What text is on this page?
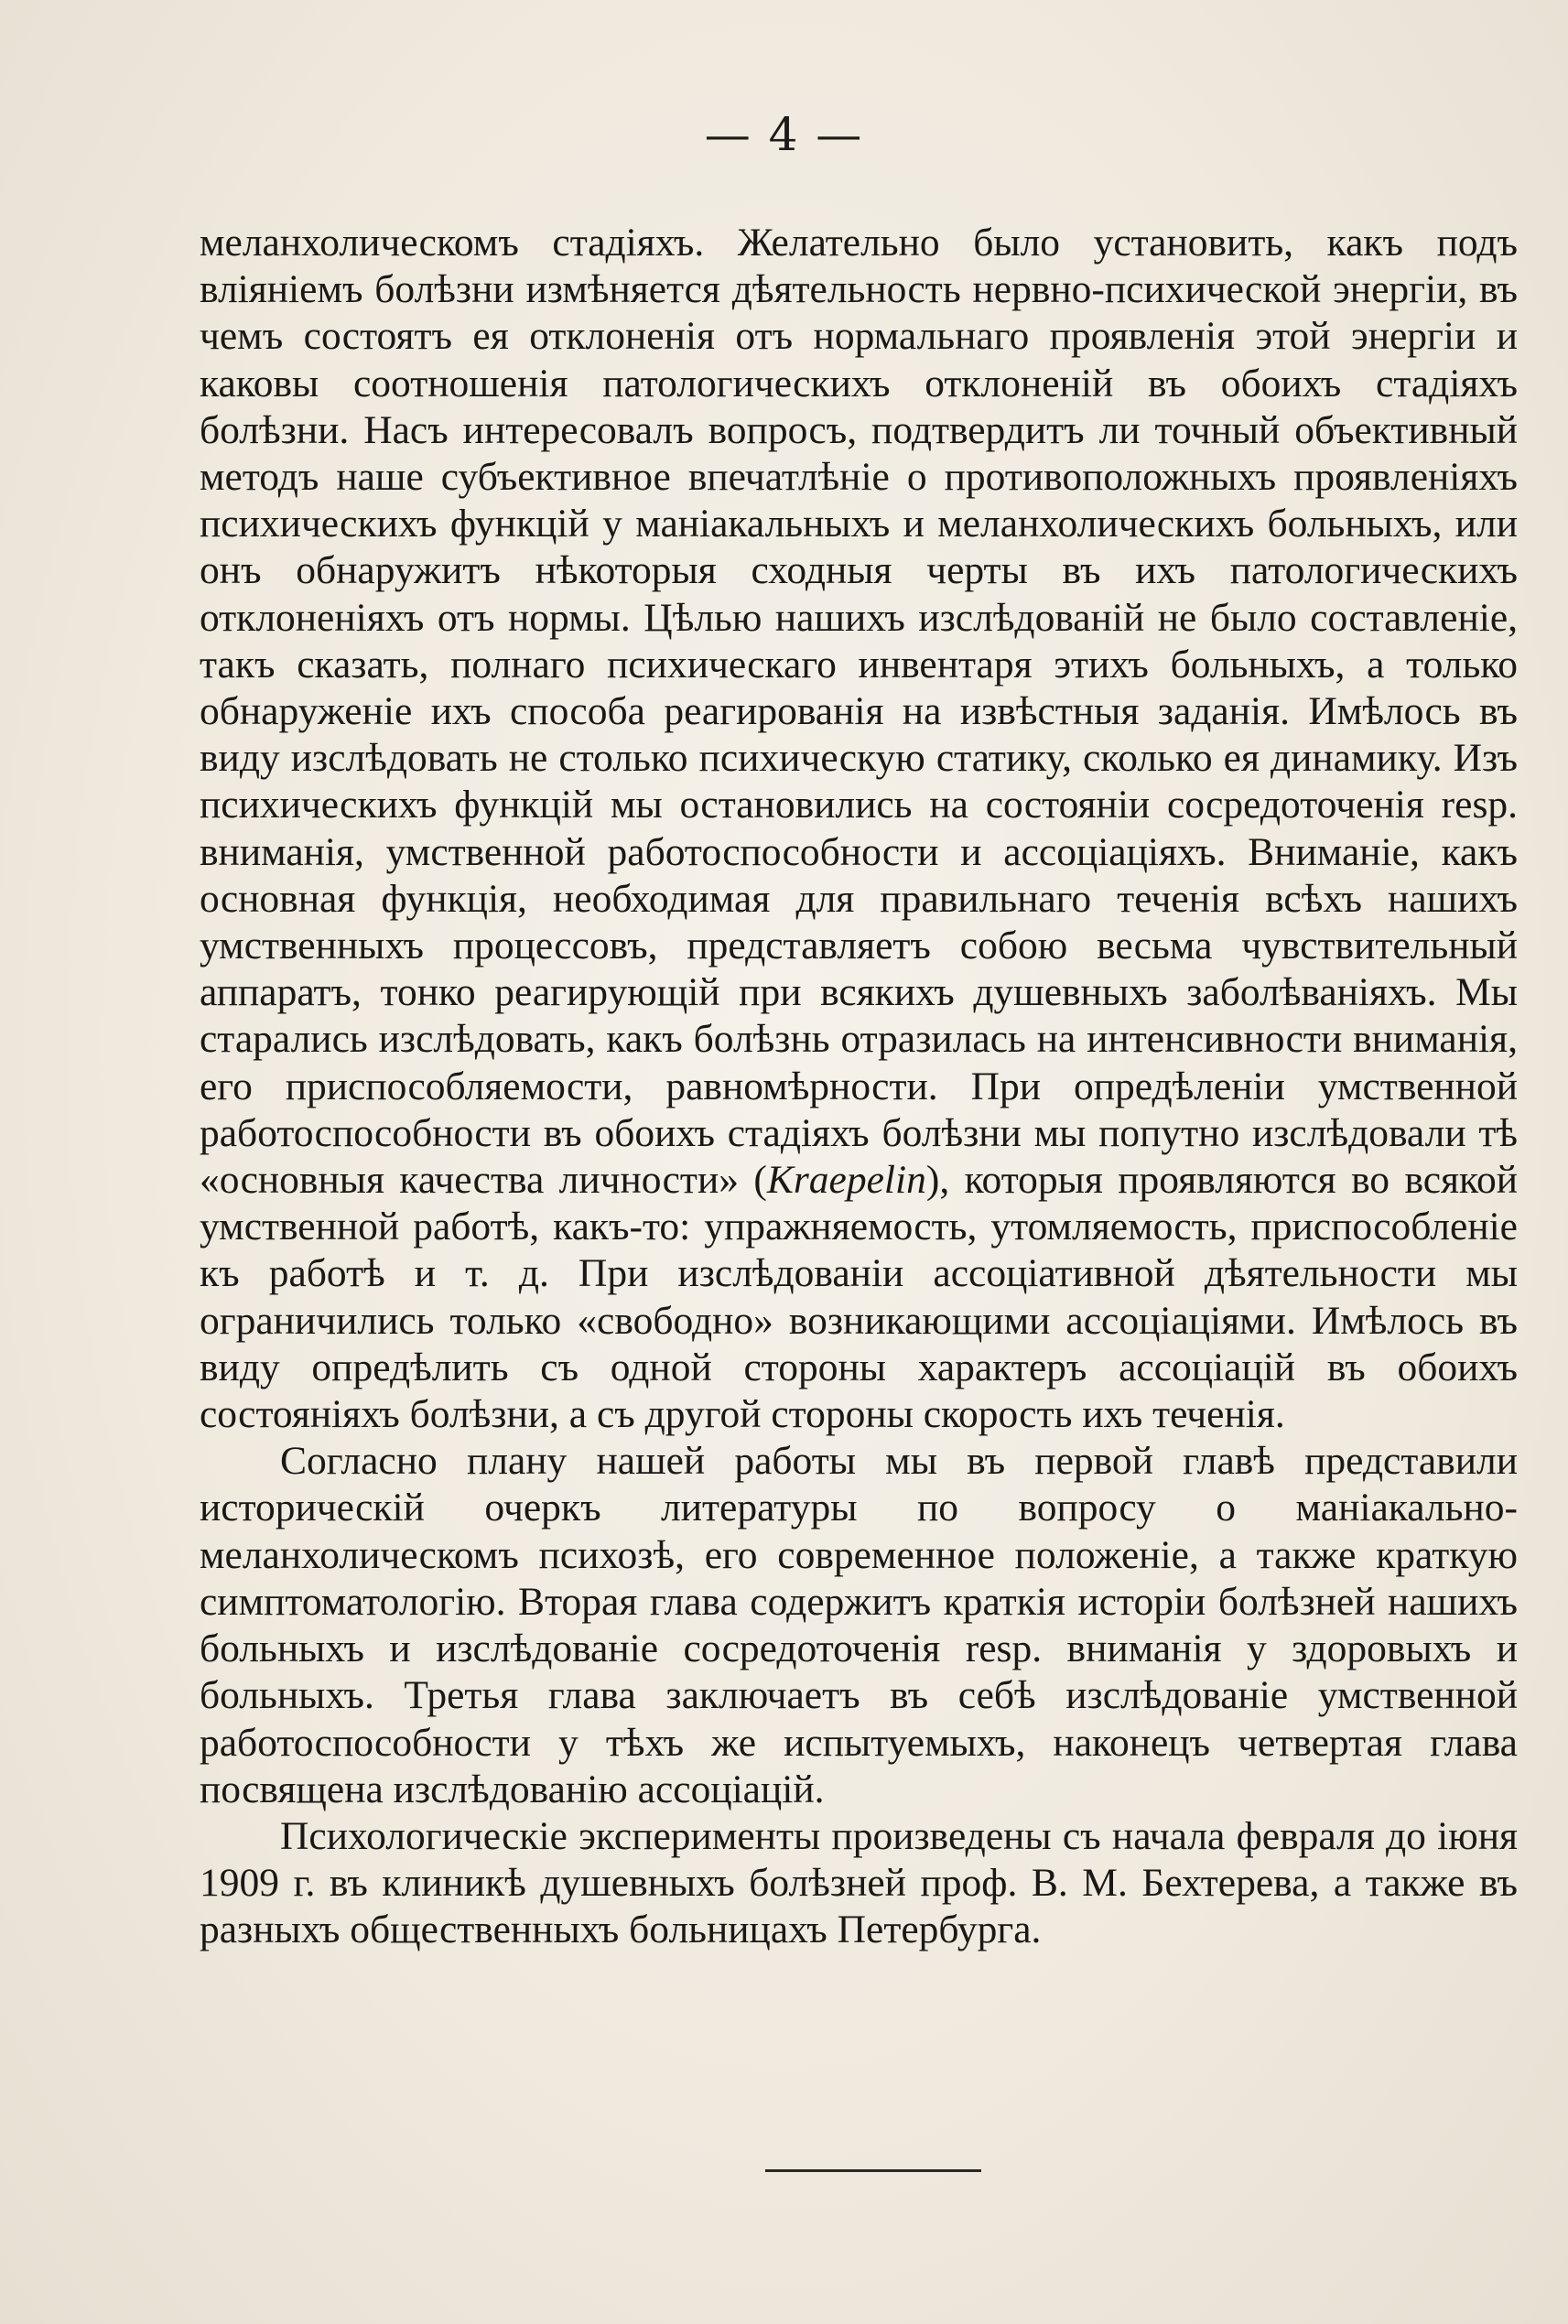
— 4 —

меланхолическомъ стадіяхъ. Желательно было установить, какъ подъ вліяніемъ болѣзни измѣняется дѣятельность нервно-психической энергіи, въ чемъ состоятъ ея отклоненія отъ нормальнаго проявленія этой энергіи и каковы соотношенія патологическихъ отклоненій въ обоихъ стадіяхъ болѣзни. Насъ интересовалъ вопросъ, подтвердитъ ли точный объективный методъ наше субъективное впечатлѣніе о противоположныхъ проявленіяхъ психическихъ функцій у маніакальныхъ и меланхолическихъ больныхъ, или онъ обнаружитъ нѣкоторыя сходныя черты въ ихъ патологическихъ отклоненіяхъ отъ нормы. Цѣлью нашихъ изслѣдованій не было составленіе, такъ сказать, полнаго психическаго инвентаря этихъ больныхъ, а только обнаруженіе ихъ способа реагированія на извѣстныя заданія. Имѣлось въ виду изслѣдовать не столько психическую статику, сколько ея динамику. Изъ психическихъ функцій мы остановились на состояніи сосредоточенія resp. вниманія, умственной работоспособности и ассоціаціяхъ. Вниманіе, какъ основная функція, необходимая для правильнаго теченія всѣхъ нашихъ умственныхъ процессовъ, представляетъ собою весьма чувствительный аппаратъ, тонко реагирующій при всякихъ душевныхъ заболѣваніяхъ. Мы старались изслѣдовать, какъ болѣзнь отразилась на интенсивности вниманія, его приспособляемости, равномѣрности. При опредѣленіи умственной работоспособности въ обоихъ стадіяхъ болѣзни мы попутно изслѣдовали тѣ «основныя качества личности» (Kraepelin), которыя проявляются во всякой умственной работѣ, какъ-то: упражняемость, утомляемость, приспособленіе къ работѣ и т. д. При изслѣдованіи ассоціативной дѣятельности мы ограничились только «свободно» возникающими ассоціаціями. Имѣлось въ виду опредѣлить съ одной стороны характеръ ассоціацій въ обоихъ состояніяхъ болѣзни, а съ другой стороны скорость ихъ теченія.

Согласно плану нашей работы мы въ первой главѣ представили историческій очеркъ литературы по вопросу о маніакально-меланхолическомъ психозѣ, его современное положеніе, а также краткую симптоматологію. Вторая глава содержитъ краткія исторіи болѣзней нашихъ больныхъ и изслѣдованіе сосредоточенія resp. вниманія у здоровыхъ и больныхъ. Третья глава заключаетъ въ себѣ изслѣдованіе умственной работоспособности у тѣхъ же испытуемыхъ, наконецъ четвертая глава посвящена изслѣдованію ассоціацій.

Психологическіе эксперименты произведены съ начала февраля до іюня 1909 г. въ клиникѣ душевныхъ болѣзней проф. В. М. Бехтерева, а также въ разныхъ общественныхъ больницахъ Петербурга.
